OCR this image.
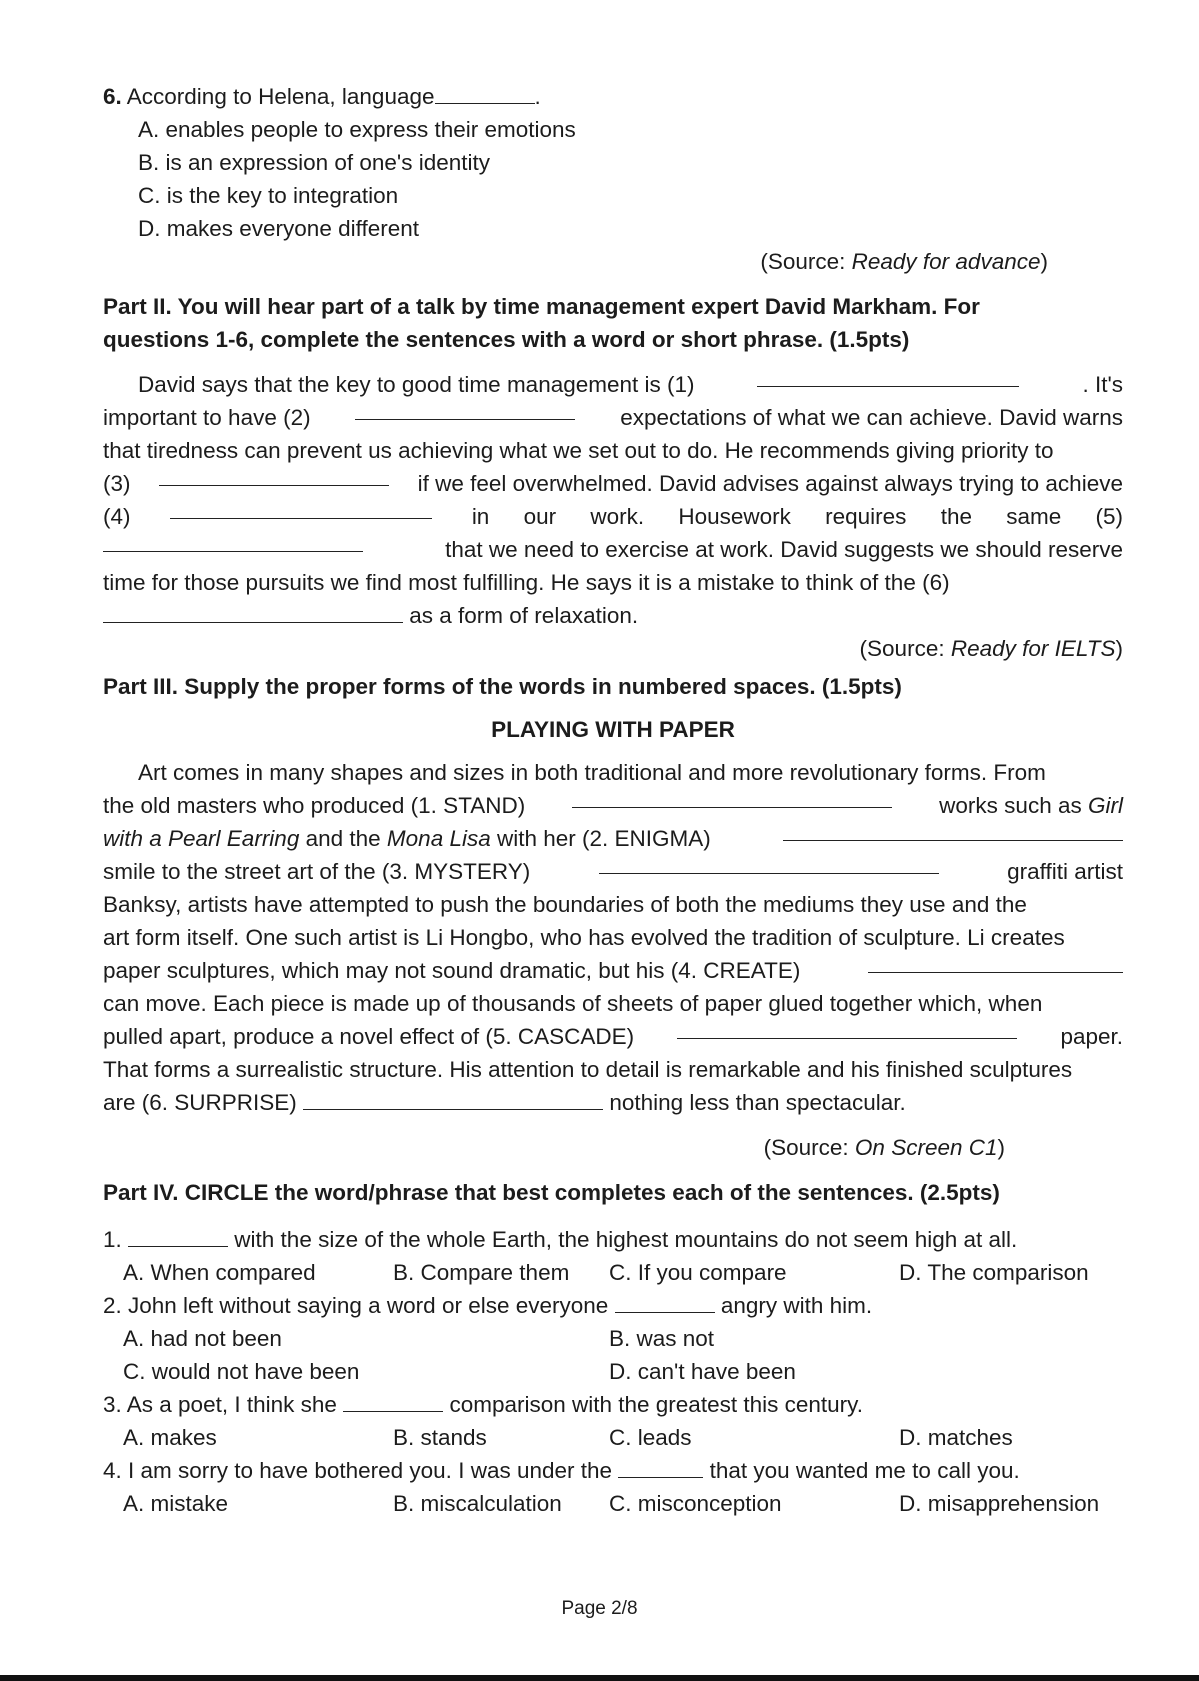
6. According to Helena, language	.
A. enables people to express their emotions
B. is an expression of one's identity
C. is the key to integration
D. makes everyone different
(Source: Ready for advance)
Part II. You will hear part of a talk by time management expert David Markham. For
questions 1-6, complete the sentences with a word or short phrase. (1.5pts)
David says that the key to good time management is (1)	. It's
important to have (2)	expectations of what we can achieve. David warns
that tiredness can prevent us achieving what we set out to do. He recommends giving priority to
(3)	if we feel overwhelmed. David advises against always trying to achieve
(4)	in our work. Housework requires the same (5)
that we need to exercise at work. David suggests we should reserve
time for those pursuits we find most fulfilling. He says it is a mistake to think of the (6)
as a form of relaxation.
(Source: Ready for IELTS)
Part III. Supply the proper forms of the words in numbered spaces. (1.5pts)
PLAYING WITH PAPER
Art comes in many shapes and sizes in both traditional and more revolutionary forms. From
the old masters who produced (1. STAND)	works such as Girl
with a Pearl Earring and the Mona Lisa with her (2. ENIGMA)
smile to the street art of the (3. MYSTERY)	graffiti artist
Banksy, artists have attempted to push the boundaries of both the mediums they use and the
art form itself. One such artist is Li Hongbo, who has evolved the tradition of sculpture. Li creates
paper sculptures, which may not sound dramatic, but his (4. CREATE)
can move. Each piece is made up of thousands of sheets of paper glued together which, when
pulled apart, produce a novel effect of (5. CASCADE)	paper.
That forms a surrealistic structure. His attention to detail is remarkable and his finished sculptures
are (6. SURPRISE)	nothing less than spectacular.
(Source: On Screen C1)
Part IV. CIRCLE the word/phrase that best completes each of the sentences. (2.5pts)
1.	with the size of the whole Earth, the highest mountains do not seem high at all.
A. When compared	B. Compare them	C. If you compare	D. The comparison
2. John left without saying a word or else everyone	angry with him.
A. had not been	B. was not
C. would not have been	D. can't have been
3. As a poet, I think she	comparison with the greatest this century.
A. makes	B. stands	C. leads	D. matches
4. I am sorry to have bothered you. I was under the	that you wanted me to call you.
A. mistake	B. miscalculation	C. misconception	D. misapprehension
Page 2/8
